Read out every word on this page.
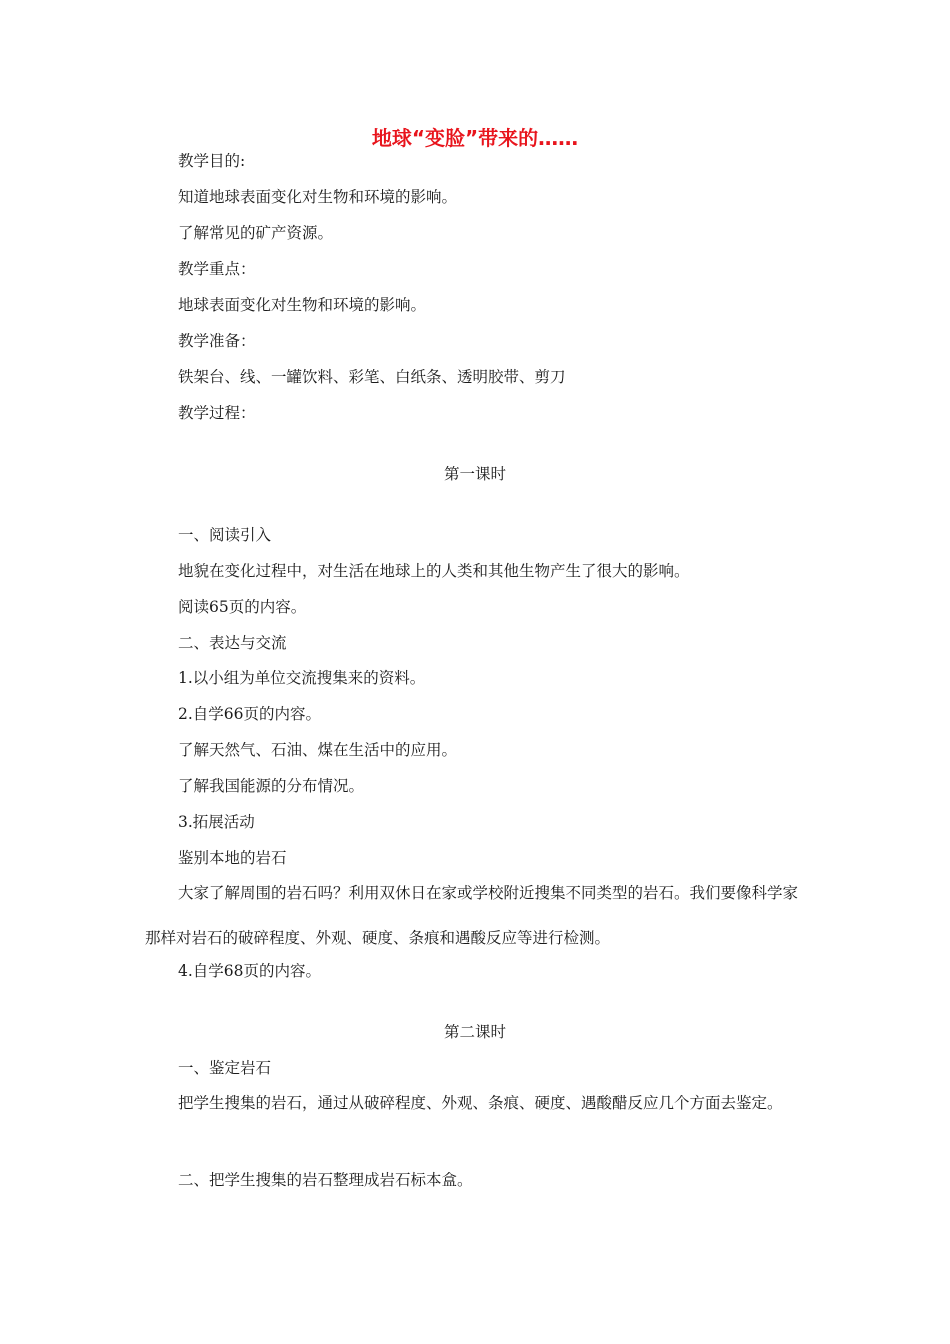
地球“变脸”带来的……
教学目的:
知道地球表面变化对生物和环境的影响。
了解常见的矿产资源。
教学重点：
地球表面变化对生物和环境的影响。
教学准备：
铁架台、线、一罐饮料、彩笔、白纸条、透明胶带、剪刀
教学过程：
第一课时
一、阅读引入
地貌在变化过程中，对生活在地球上的人类和其他生物产生了很大的影响。
阅读65页的内容。
二、表达与交流
1.以小组为单位交流搜集来的资料。
2.自学66页的内容。
了解天然气、石油、煤在生活中的应用。
了解我国能源的分布情况。
3.拓展活动
鉴别本地的岩石
大家了解周围的岩石吗？利用双休日在家或学校附近搜集不同类型的岩石。我们要像科学家那样对岩石的破碎程度、外观、硬度、条痕和遇酸反应等进行检测。
4.自学68页的内容。
第二课时
一、鉴定岩石
把学生搜集的岩石，通过从破碎程度、外观、条痕、硬度、遇酸醋反应几个方面去鉴定。
二、把学生搜集的岩石整理成岩石标本盒。
